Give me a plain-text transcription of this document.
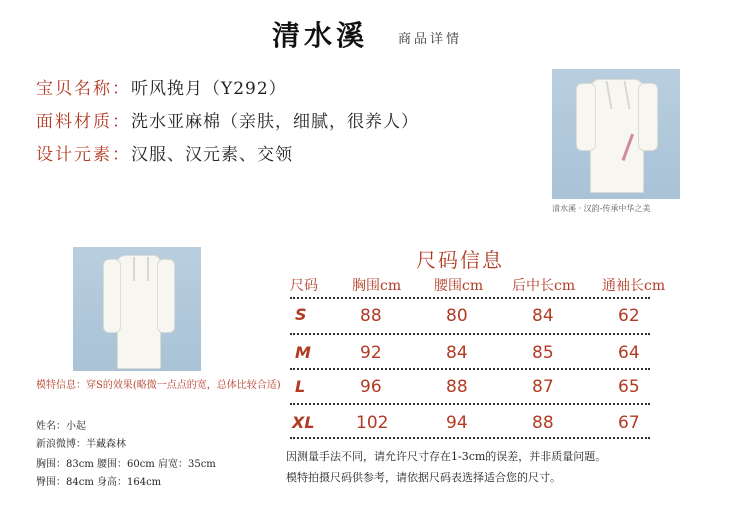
清水溪 商品详情
宝贝名称：听风挽月（Y292）
面料材质：洗水亚麻棉（亲肤，细腻，很养人）
设计元素：汉服、汉元素、交领
清水溪 · 汉韵-传承中华之美
模特信息：穿S的效果(略微一点点的宽，总体比较合适)
姓名：小起
新浪微博：半藏森林
胸围：83cm 腰围：60cm 肩宽：35cm
臀围：84cm 身高：164cm
尺码信息
尺码 胸围cm 腰围cm 后中长cm 通袖长cm
S	88	80	84	62
M	92	84	85	64
L	96	88	87	65
XL 102	94	88	67
因测量手法不同，请允许尺寸存在1-3cm的误差，并非质量问题。
模特拍摄尺码供参考，请依据尺码表选择适合您的尺寸。
